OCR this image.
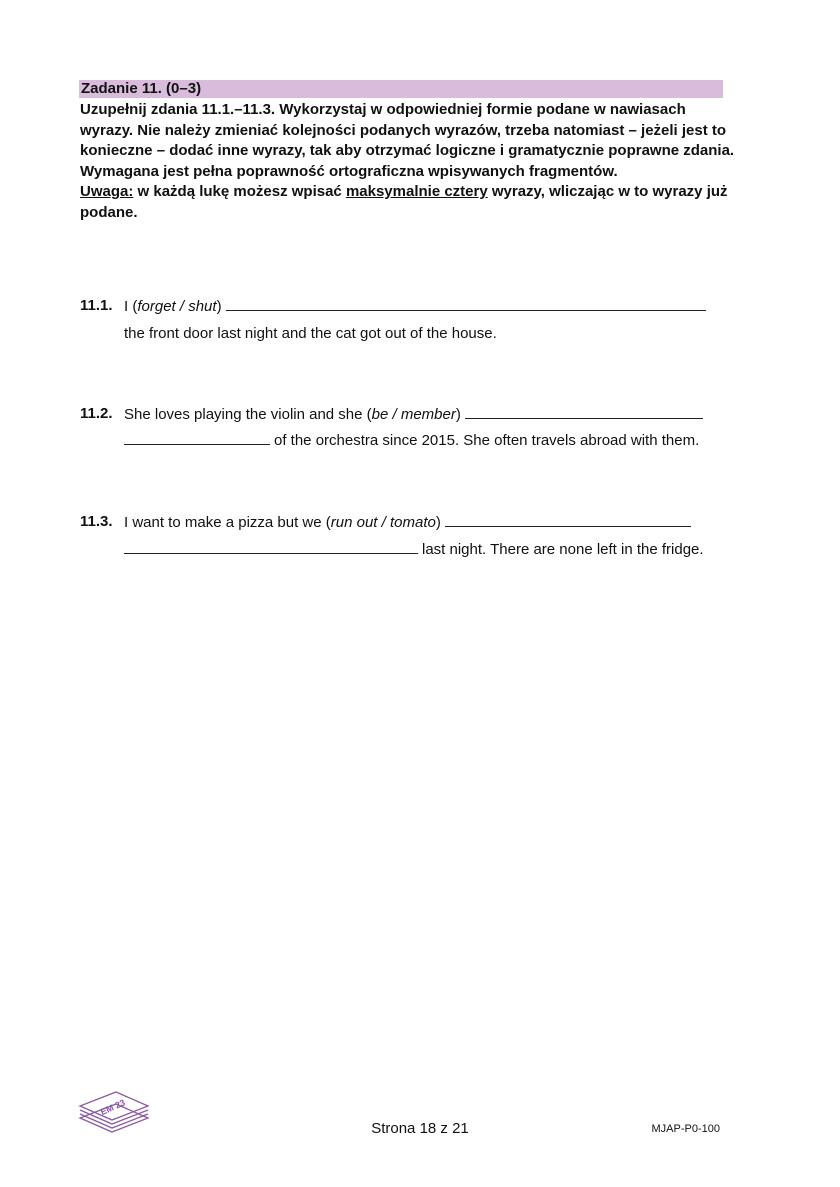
Zadanie 11. (0–3)

Uzupełnij zdania 11.1.–11.3. Wykorzystaj w odpowiedniej formie podane w nawiasach wyrazy. Nie należy zmieniać kolejności podanych wyrazów, trzeba natomiast – jeżeli jest to konieczne – dodać inne wyrazy, tak aby otrzymać logiczne i gramatycznie poprawne zdania. Wymagana jest pełna poprawność ortograficzna wpisywanych fragmentów.

Uwaga: w każdą lukę możesz wpisać maksymalnie cztery wyrazy, wliczając w to wyrazy już podane.

11.1. I (forget / shut)
the front door last night and the cat got out of the house.
11.2. She loves playing the violin and she (be / member)
of the orchestra since 2015. She often travels abroad with them.
11.3. I want to make a pizza but we (run out / tomato)
last night. There are none left in the fridge.
EM 23
Strona 18 z 21	MJAP-P0-100
